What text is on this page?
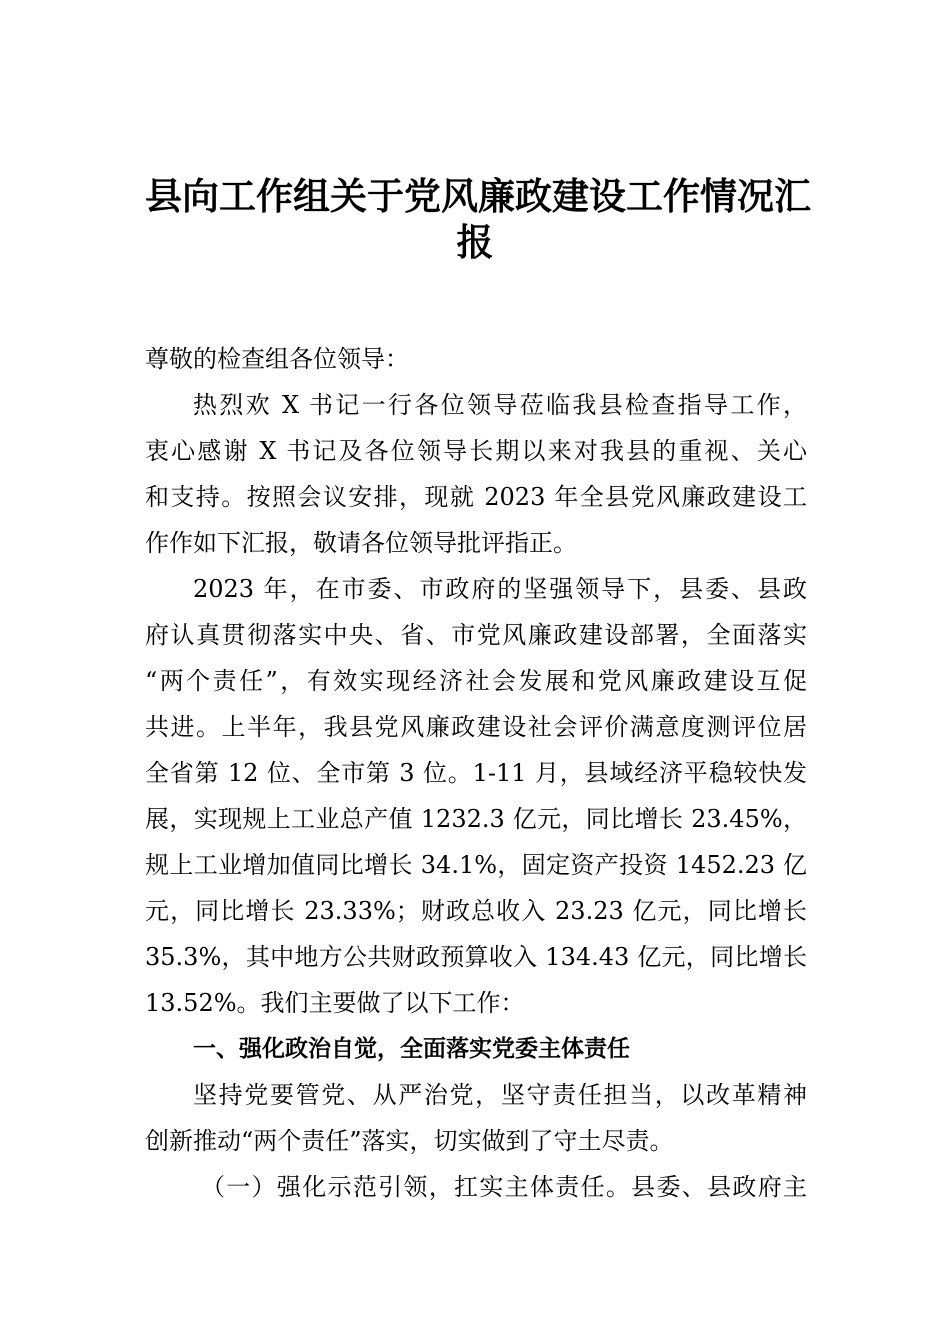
县向工作组关于党风廉政建设工作情况汇
报
尊敬的检查组各位领导：
热烈欢 X 书记一行各位领导莅临我县检查指导工作，
衷心感谢 X 书记及各位领导长期以来对我县的重视、关心
和支持。按照会议安排，现就 2023 年全县党风廉政建设工
作作如下汇报，敬请各位领导批评指正。
2023 年，在市委、市政府的坚强领导下，县委、县政
府认真贯彻落实中央、省、市党风廉政建设部署，全面落实
“两个责任”，有效实现经济社会发展和党风廉政建设互促
共进。上半年，我县党风廉政建设社会评价满意度测评位居
全省第 12 位、全市第 3 位。1-11 月，县域经济平稳较快发
展，实现规上工业总产值 1232.3 亿元，同比增长 23.45%，
规上工业增加值同比增长 34.1%，固定资产投资 1452.23 亿
元，同比增长 23.33%；财政总收入 23.23 亿元，同比增长
35.3%，其中地方公共财政预算收入 134.43 亿元，同比增长
13.52%。我们主要做了以下工作：
一、强化政治自觉，全面落实党委主体责任
坚持党要管党、从严治党，坚守责任担当，以改革精神
创新推动“两个责任”落实，切实做到了守土尽责。
（一）强化示范引领，扛实主体责任。县委、县政府主
